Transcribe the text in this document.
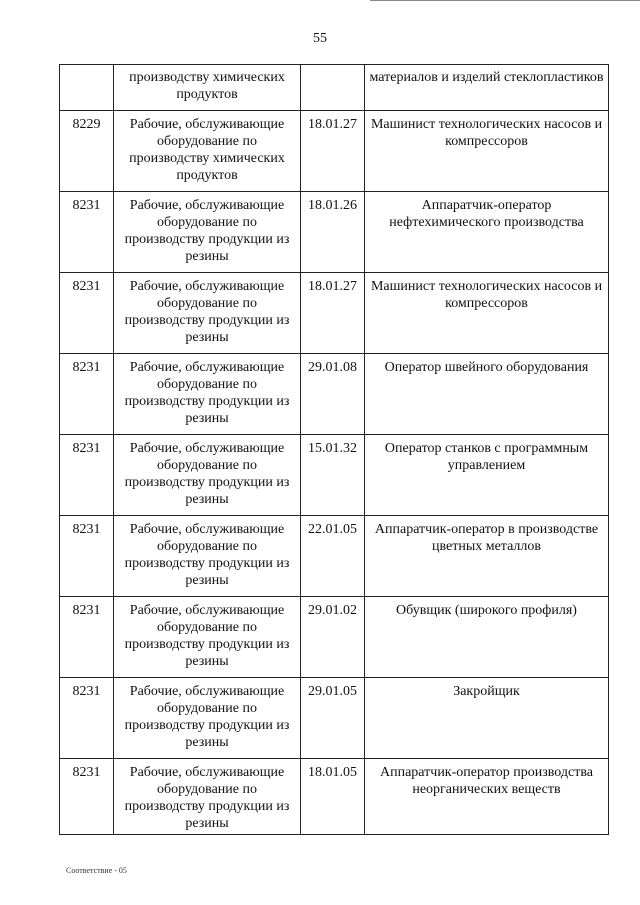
55
	производству химических продуктов		материалов и изделий стеклопластиков
8229	Рабочие, обслуживающие оборудование по производству химических продуктов	18.01.27	Машинист технологических насосов и компрессоров
8231	Рабочие, обслуживающие оборудование по производству продукции из резины	18.01.26	Аппаратчик-оператор нефтехимического производства
8231	Рабочие, обслуживающие оборудование по производству продукции из резины	18.01.27	Машинист технологических насосов и компрессоров
8231	Рабочие, обслуживающие оборудование по производству продукции из резины	29.01.08	Оператор швейного оборудования
8231	Рабочие, обслуживающие оборудование по производству продукции из резины	15.01.32	Оператор станков с программным управлением
8231	Рабочие, обслуживающие оборудование по производству продукции из резины	22.01.05	Аппаратчик-оператор в производстве цветных металлов
8231	Рабочие, обслуживающие оборудование по производству продукции из резины	29.01.02	Обувщик (широкого профиля)
8231	Рабочие, обслуживающие оборудование по производству продукции из резины	29.01.05	Закройщик
8231	Рабочие, обслуживающие оборудование по производству продукции из резины	18.01.05	Аппаратчик-оператор производства неорганических веществ
Соответствие - 05
